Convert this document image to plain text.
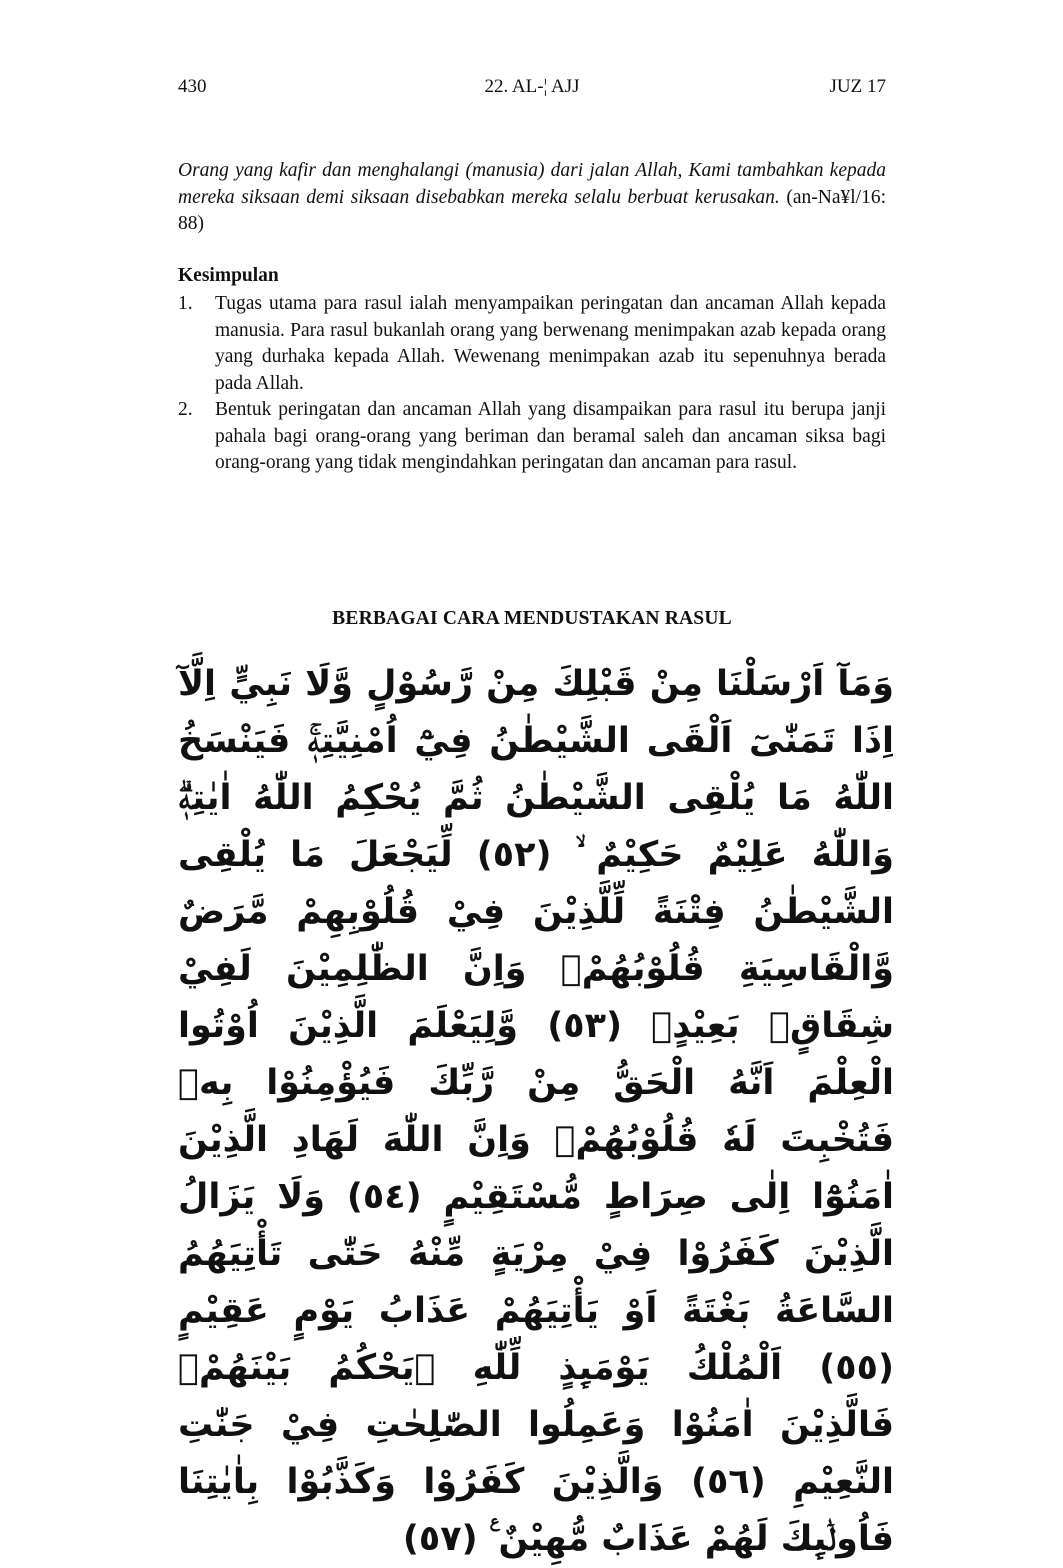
430	22. AL-¦ AJJ	JUZ 17

Orang yang kafir dan menghalangi (manusia) dari jalan Allah, Kami tambahkan kepada mereka siksaan demi siksaan disebabkan mereka selalu berbuat kerusakan. (an-Na¥l/16: 88)

Kesimpulan
1. Tugas utama para rasul ialah menyampaikan peringatan dan ancaman Allah kepada manusia. Para rasul bukanlah orang yang berwenang menimpakan azab kepada orang yang durhaka kepada Allah. Wewenang menimpakan azab itu sepenuhnya berada pada Allah.
2. Bentuk peringatan dan ancaman Allah yang disampaikan para rasul itu berupa janji pahala bagi orang-orang yang beriman dan beramal saleh dan ancaman siksa bagi orang-orang yang tidak mengindahkan peringatan dan ancaman para rasul.
BERBAGAI CARA MENDUSTAKAN RASUL
وَمَآ اَرْسَلْنَا مِنْ قَبْلِكَ مِنْ رَّسُوْلٍ وَّلَا نَبِيٍّ اِلَّآ اِذَا تَمَنّٰىٓ اَلْقَى الشَّيْطٰنُ فِيْٓ اُمْنِيَّتِهٖۚ فَيَنْسَخُ اللّٰهُ مَا يُلْقِى الشَّيْطٰنُ ثُمَّ يُحْكِمُ اللّٰهُ اٰيٰتِهٖۗ وَاللّٰهُ عَلِيْمٌ حَكِيْمٌ ۙ (٥٢) لِّيَجْعَلَ مَا يُلْقِى الشَّيْطٰنُ فِتْنَةً لِّلَّذِيْنَ فِيْ قُلُوْبِهِمْ مَّرَضٌ وَّالْقَاسِيَةِ قُلُوْبُهُمْۗ وَاِنَّ الظّٰلِمِيْنَ لَفِيْ شِقَاقٍۢ بَعِيْدٍۙ (٥٣) وَّلِيَعْلَمَ الَّذِيْنَ اُوْتُوا الْعِلْمَ اَنَّهُ الْحَقُّ مِنْ رَّبِّكَ فَيُؤْمِنُوْا بِهٖ فَتُخْبِتَ لَهٗ قُلُوْبُهُمْۗ وَاِنَّ اللّٰهَ لَهَادِ الَّذِيْنَ اٰمَنُوْٓا اِلٰى صِرَاطٍ مُّسْتَقِيْمٍ (٥٤) وَلَا يَزَالُ الَّذِيْنَ كَفَرُوْا فِيْ مِرْيَةٍ مِّنْهُ حَتّٰى تَأْتِيَهُمُ السَّاعَةُ بَغْتَةً اَوْ يَأْتِيَهُمْ عَذَابُ يَوْمٍ عَقِيْمٍ (٥٥) اَلْمُلْكُ يَوْمَىِٕذٍ لِّلّٰهِ ۗيَحْكُمُ بَيْنَهُمْۗ فَالَّذِيْنَ اٰمَنُوْا وَعَمِلُوا الصّٰلِحٰتِ فِيْ جَنّٰتِ النَّعِيْمِ (٥٦) وَالَّذِيْنَ كَفَرُوْا وَكَذَّبُوْا بِاٰيٰتِنَا فَاُولٰۤىِٕكَ لَهُمْ عَذَابٌ مُّهِيْنٌ ࣖ (٥٧)
